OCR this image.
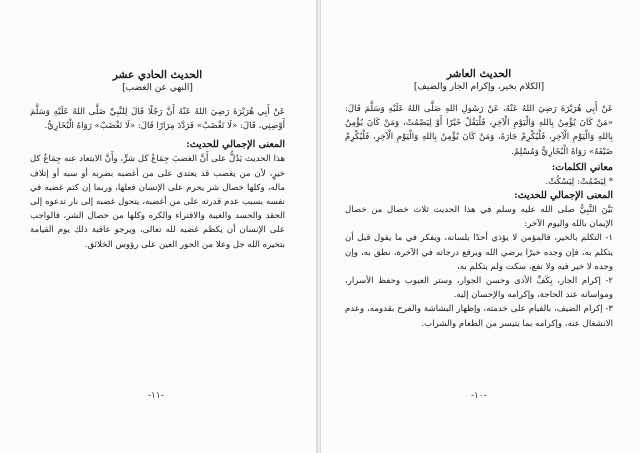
الحديث الحادي عشر

[النهي عن الغضب]

عَنْ أَبِي هُرَيْرَةَ رَضِيَ اللهُ عَنْهُ أَنَّ رَجُلًا قَالَ لِلنَّبِيِّ صَلَّى اللهُ عَلَيْهِ وَسَلَّمَ أَوْصِنِي، قَالَ: «لَا تَغْضَبْ» فَرَدَّدَ مِرَارًا قَالَ: «لَا تَغْضَبْ» رَوَاهُ الْبُخَارِيُّ.

المعنى الإجمالي للحديث:

هذا الحديث يَدُلُّ على أَنَّ الغضبَ جِمَاعُ كل شرٍّ، وأَنَّ الابتعاد عنه جِمَاعُ كل خيرٍ، لأن من يغضب قد يعتدي على من أغضبه بضربه أو سبه أو إتلاف ماله، وكلها خصال شر يحرم على الإنسان فعلها، وربما إن كتم غضبه في نفسه بسبب عدم قدرته على من أغضبه، يتحول غضبه إلى نار تدعوه إلى الحقد والحسد والغيبة والافتراء والكره وكلها من خصال الشر، فالواجب على الإنسان أن يكظم غضبه لله تعالى، ويرجو عاقبة ذلك يوم القيامة بتخيره الله جل وعلا من الحور العين على رؤوس الخلائق.

-١١-

الحديث العاشر

[الكلام بخير، وإكرام الجار والضيف]

عَنْ أَبِي هُرَيْرَةَ رَضِيَ اللهُ عَنْهُ، عَنْ رَسُولِ اللهِ صَلَّى اللهُ عَلَيْهِ وَسَلَّمَ قَالَ: «مَنْ كَانَ يُؤْمِنُ بِاللهِ وَالْيَوْمِ الْآخِرِ، فَلْيَقُلْ خَيْرًا أَوْ لِيَصْمُتْ، وَمَنْ كَانَ يُؤْمِنُ بِاللهِ وَالْيَوْمِ الْآخِرِ، فَلْيُكْرِمْ جَارَهُ، وَمَنْ كَانَ يُؤْمِنُ بِاللهِ وَالْيَوْمِ الْآخِرِ، فَلْيُكْرِمْ ضَيْفَهُ» رَوَاهُ الْبُخَارِيُّ وَمُسْلِمٌ.

معاني الكلمات:

* لِيَصْمُتْ: لِيَسْكُتْ.

المعنى الإجمالي للحديث:

بَيَّنَ النَّبِيُّ صلى الله عليه وسلم في هذا الحديث ثلاث خصال من خصال الإيمان بالله واليوم الآخر:

١- التكلم بالخير، فالمؤمن لا يؤذي أحدًا بلسانه، ويفكر في ما يقول قبل أن يتكلم به، فإن وجده خيرًا يرضي الله ويرفع درجاته في الآخرة، نطق به، وإن وجده لا خير فيه ولا نفع، سكت ولم يتكلم به،

٢- إكرام الجار، بِكَفِّ الأذى وحسن الجوار، وستر العيوب وحفظ الأسرار، ومواساته عند الحاجة، وإكرامه والإحسان إليه.

٣- إكرام الضيف، بالقيام على خدمته، وإظهار البشاشة والفرح بقدومه، وعدم الانشغال عنه، وإكرامه بما يتيسر من الطعام والشراب.

-١٠-
